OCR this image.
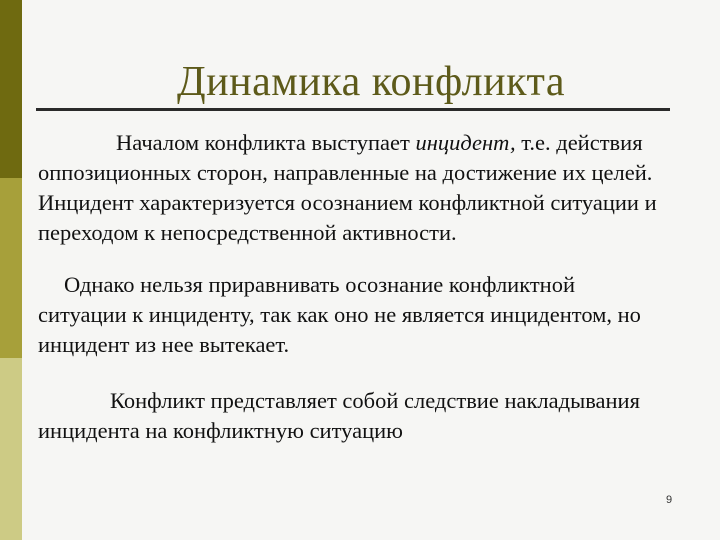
Динамика конфликта

Началом конфликта выступает инцидент, т.е. действия
оппозиционных сторон, направленные на достижение их целей.
Инцидент характеризуется осознанием конфликтной ситуации и
переходом к непосредственной активности.

Однако нельзя приравнивать осознание конфликтной
ситуации к инциденту, так как оно не является инцидентом, но
инцидент из нее вытекает.

Конфликт представляет собой следствие накладывания
инцидента на конфликтную ситуацию

9
